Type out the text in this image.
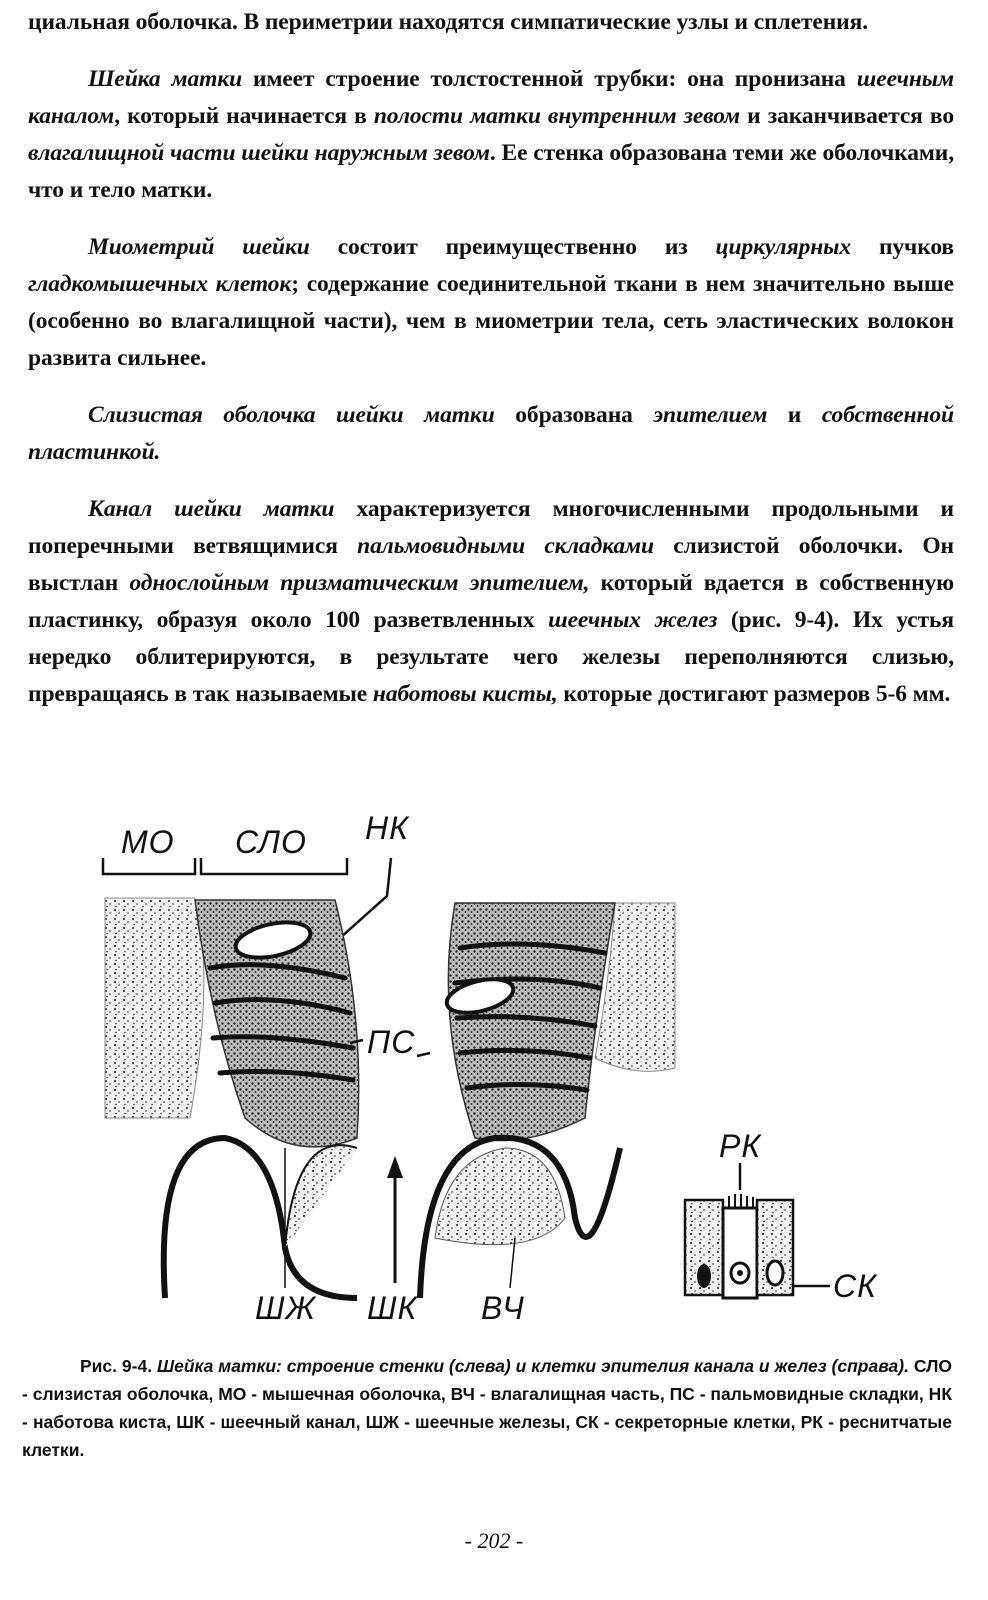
циальная оболочка. В периметрии находятся симпатические узлы и сплетения.

Шейка матки имеет строение толстостенной трубки: она пронизана шеечным каналом, который начинается в полости матки внутренним зевом и заканчивается во влагалищной части шейки наружным зевом. Ее стенка образована теми же оболочками, что и тело матки.

Миометрий шейки состоит преимущественно из циркулярных пучков гладкомышечных клеток; содержание соединительной ткани в нем значительно выше (особенно во влагалищной части), чем в миометрии тела, сеть эластических волокон развита сильнее.

Слизистая оболочка шейки матки образована эпителием и собственной пластинкой.

Канал шейки матки характеризуется многочисленными продольными и поперечными ветвящимися пальмовидными складками слизистой оболочки. Он выстлан однослойным призматическим эпителием, который вдается в собственную пластинку, образуя около 100 разветвленных шеечных желез (рис. 9-4). Их устья нередко облитерируются, в результате чего железы переполняются слизью, превращаясь в так называемые наботовы кисты, которые достигают размеров 5-6 мм.

МО СЛО НК
ПС
ШЖ ШК ВЧ
РК
СК
Рис. 9-4. Шейка матки: строение стенки (слева) и клетки эпителия канала и желез (справа). СЛО - слизистая оболочка, МО - мышечная оболочка, ВЧ - влагалищная часть, ПС - пальмовидные складки, НК - наботова киста, ШК - шеечный канал, ШЖ - шеечные железы, СК - секреторные клетки, РК - реснитчатые клетки.
- 202 -
